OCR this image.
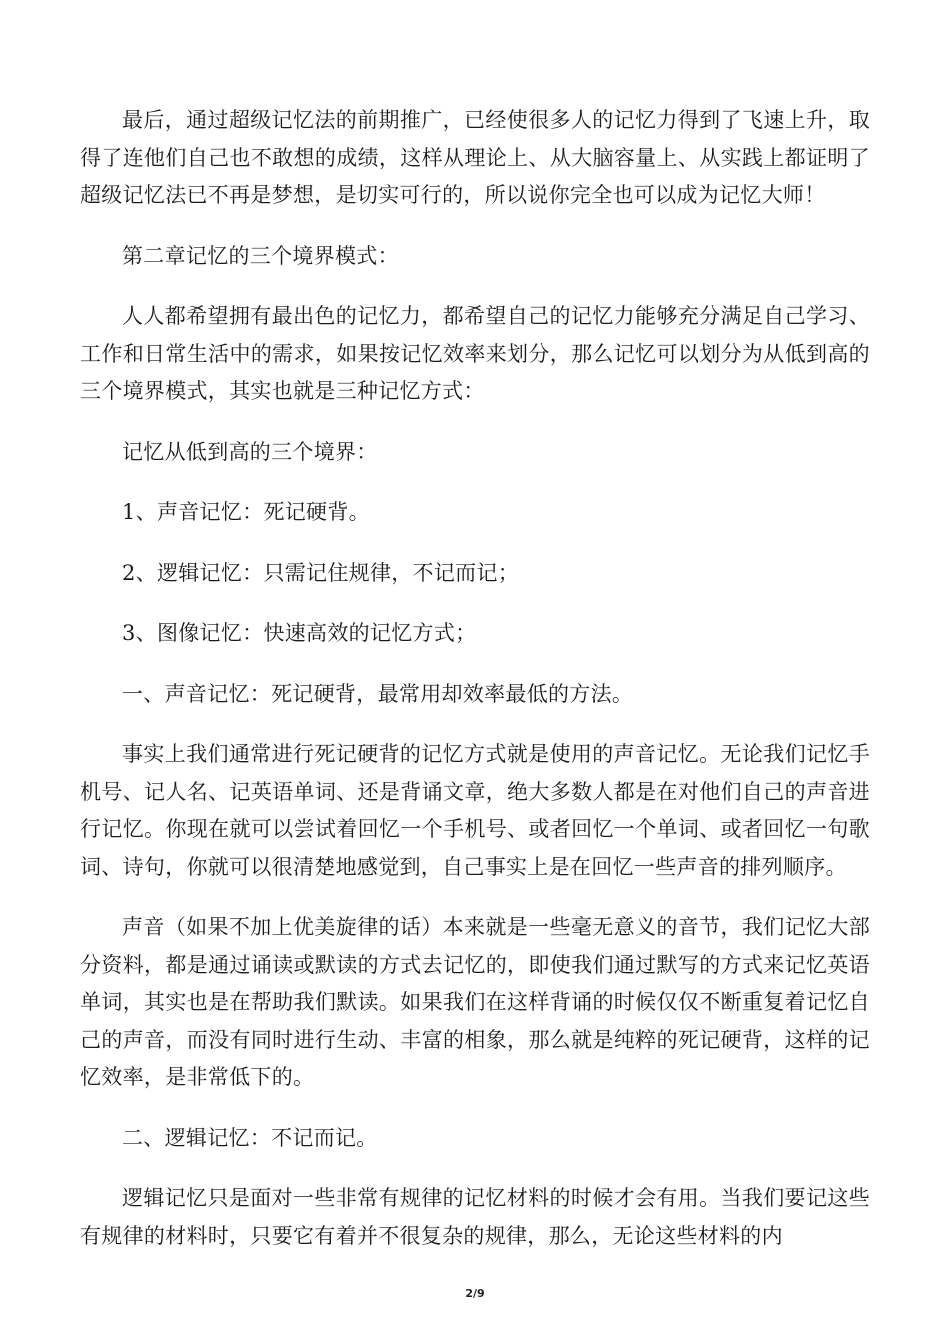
最后，通过超级记忆法的前期推广，已经使很多人的记忆力得到了飞速上升，取得了连他们自己也不敢想的成绩，这样从理论上、从大脑容量上、从实践上都证明了超级记忆法已不再是梦想，是切实可行的，所以说你完全也可以成为记忆大师！

第二章记忆的三个境界模式：

人人都希望拥有最出色的记忆力，都希望自己的记忆力能够充分满足自己学习、工作和日常生活中的需求，如果按记忆效率来划分，那么记忆可以划分为从低到高的三个境界模式，其实也就是三种记忆方式：

记忆从低到高的三个境界：

1、声音记忆：死记硬背。

2、逻辑记忆：只需记住规律，不记而记；

3、图像记忆：快速高效的记忆方式；

一、声音记忆：死记硬背，最常用却效率最低的方法。

事实上我们通常进行死记硬背的记忆方式就是使用的声音记忆。无论我们记忆手机号、记人名、记英语单词、还是背诵文章，绝大多数人都是在对他们自己的声音进行记忆。你现在就可以尝试着回忆一个手机号、或者回忆一个单词、或者回忆一句歌词、诗句，你就可以很清楚地感觉到，自己事实上是在回忆一些声音的排列顺序。

声音（如果不加上优美旋律的话）本来就是一些毫无意义的音节，我们记忆大部分资料，都是通过诵读或默读的方式去记忆的，即使我们通过默写的方式来记忆英语单词，其实也是在帮助我们默读。如果我们在这样背诵的时候仅仅不断重复着记忆自己的声音，而没有同时进行生动、丰富的相象，那么就是纯粹的死记硬背，这样的记忆效率，是非常低下的。

二、逻辑记忆：不记而记。

逻辑记忆只是面对一些非常有规律的记忆材料的时候才会有用。当我们要记这些有规律的材料时，只要它有着并不很复杂的规律，那么，无论这些材料的内

2/9
